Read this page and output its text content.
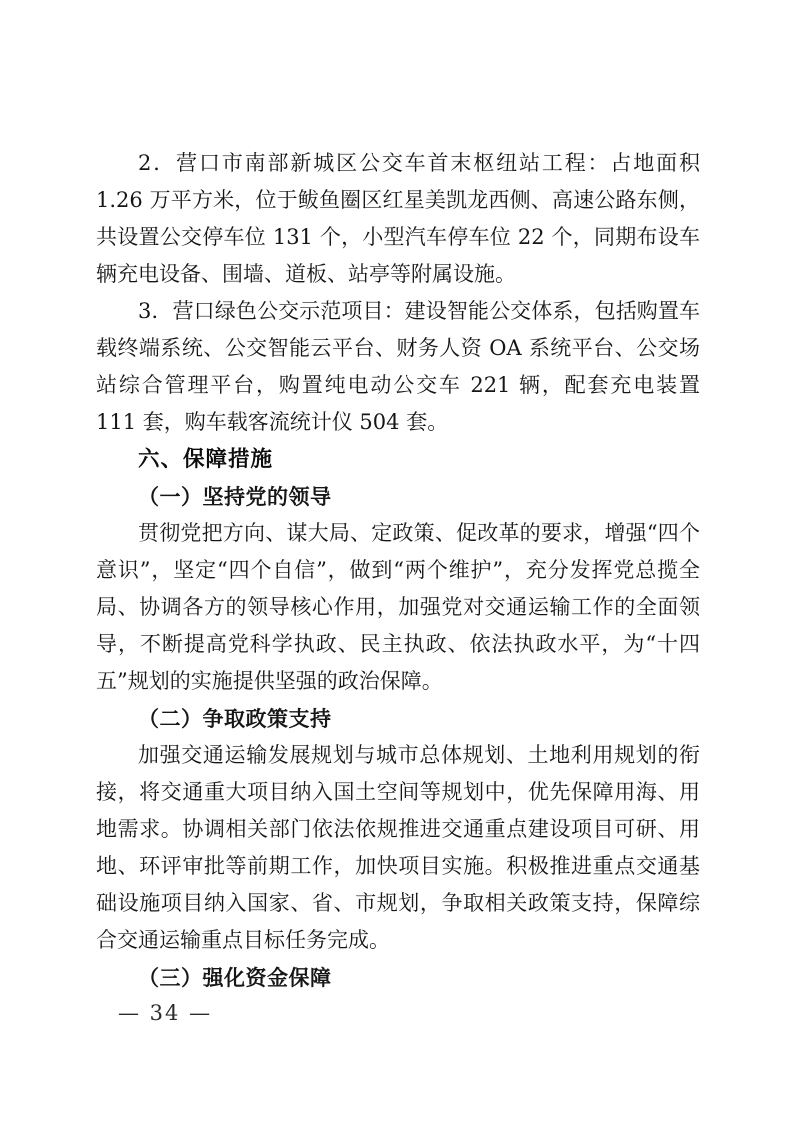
2．营口市南部新城区公交车首末枢纽站工程：占地面积 1.26 万平方米，位于鲅鱼圈区红星美凯龙西侧、高速公路东侧，共设置公交停车位 131 个，小型汽车停车位 22 个，同期布设车辆充电设备、围墙、道板、站亭等附属设施。

3．营口绿色公交示范项目：建设智能公交体系，包括购置车载终端系统、公交智能云平台、财务人资 OA 系统平台、公交场站综合管理平台，购置纯电动公交车 221 辆，配套充电装置 111 套，购车载客流统计仪 504 套。

六、保障措施
（一）坚持党的领导

贯彻党把方向、谋大局、定政策、促改革的要求，增强“四个意识”，坚定“四个自信”，做到“两个维护”，充分发挥党总揽全局、协调各方的领导核心作用，加强党对交通运输工作的全面领导，不断提高党科学执政、民主执政、依法执政水平，为“十四五”规划的实施提供坚强的政治保障。

（二）争取政策支持

加强交通运输发展规划与城市总体规划、土地利用规划的衔接，将交通重大项目纳入国土空间等规划中，优先保障用海、用地需求。协调相关部门依法依规推进交通重点建设项目可研、用地、环评审批等前期工作，加快项目实施。积极推进重点交通基础设施项目纳入国家、省、市规划，争取相关政策支持，保障综合交通运输重点目标任务完成。

（三）强化资金保障
— 34 —
